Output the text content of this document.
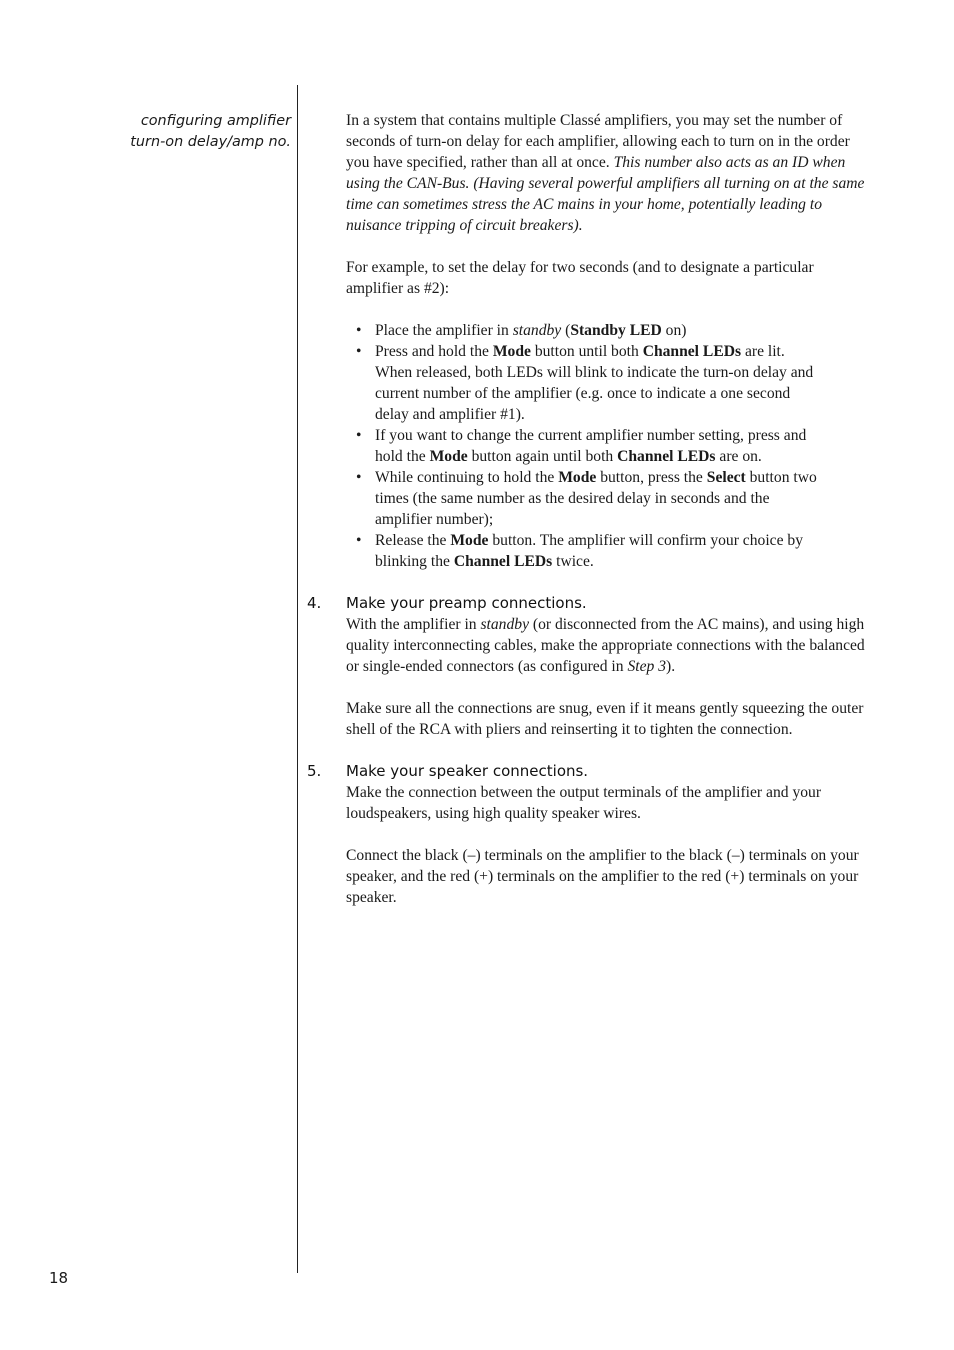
configuring amplifier
turn-on delay/amp no.

In a system that contains multiple Classé amplifiers, you may set the number of seconds of turn-on delay for each amplifier, allowing each to turn on in the order you have specified, rather than all at once. This number also acts as an ID when using the CAN-Bus. (Having several powerful amplifiers all turning on at the same time can sometimes stress the AC mains in your home, potentially leading to nuisance tripping of circuit breakers).

For example, to set the delay for two seconds (and to designate a particular amplifier as #2):

• Place the amplifier in standby (Standby LED on)
• Press and hold the Mode button until both Channel LEDs are lit. When released, both LEDs will blink to indicate the turn-on delay and current number of the amplifier (e.g. once to indicate a one second delay and amplifier #1).
• If you want to change the current amplifier number setting, press and hold the Mode button again until both Channel LEDs are on.
• While continuing to hold the Mode button, press the Select button two times (the same number as the desired delay in seconds and the amplifier number);
• Release the Mode button. The amplifier will confirm your choice by blinking the Channel LEDs twice.
4.	Make your preamp connections.

With the amplifier in standby (or disconnected from the AC mains), and using high quality interconnecting cables, make the appropriate connections with the balanced or single-ended connectors (as configured in Step 3).

Make sure all the connections are snug, even if it means gently squeezing the outer shell of the RCA with pliers and reinserting it to tighten the connection.

5.	Make your speaker connections.

Make the connection between the output terminals of the amplifier and your loudspeakers, using high quality speaker wires.

Connect the black (–) terminals on the amplifier to the black (–) terminals on your speaker, and the red (+) terminals on the amplifier to the red (+) terminals on your speaker.

18
